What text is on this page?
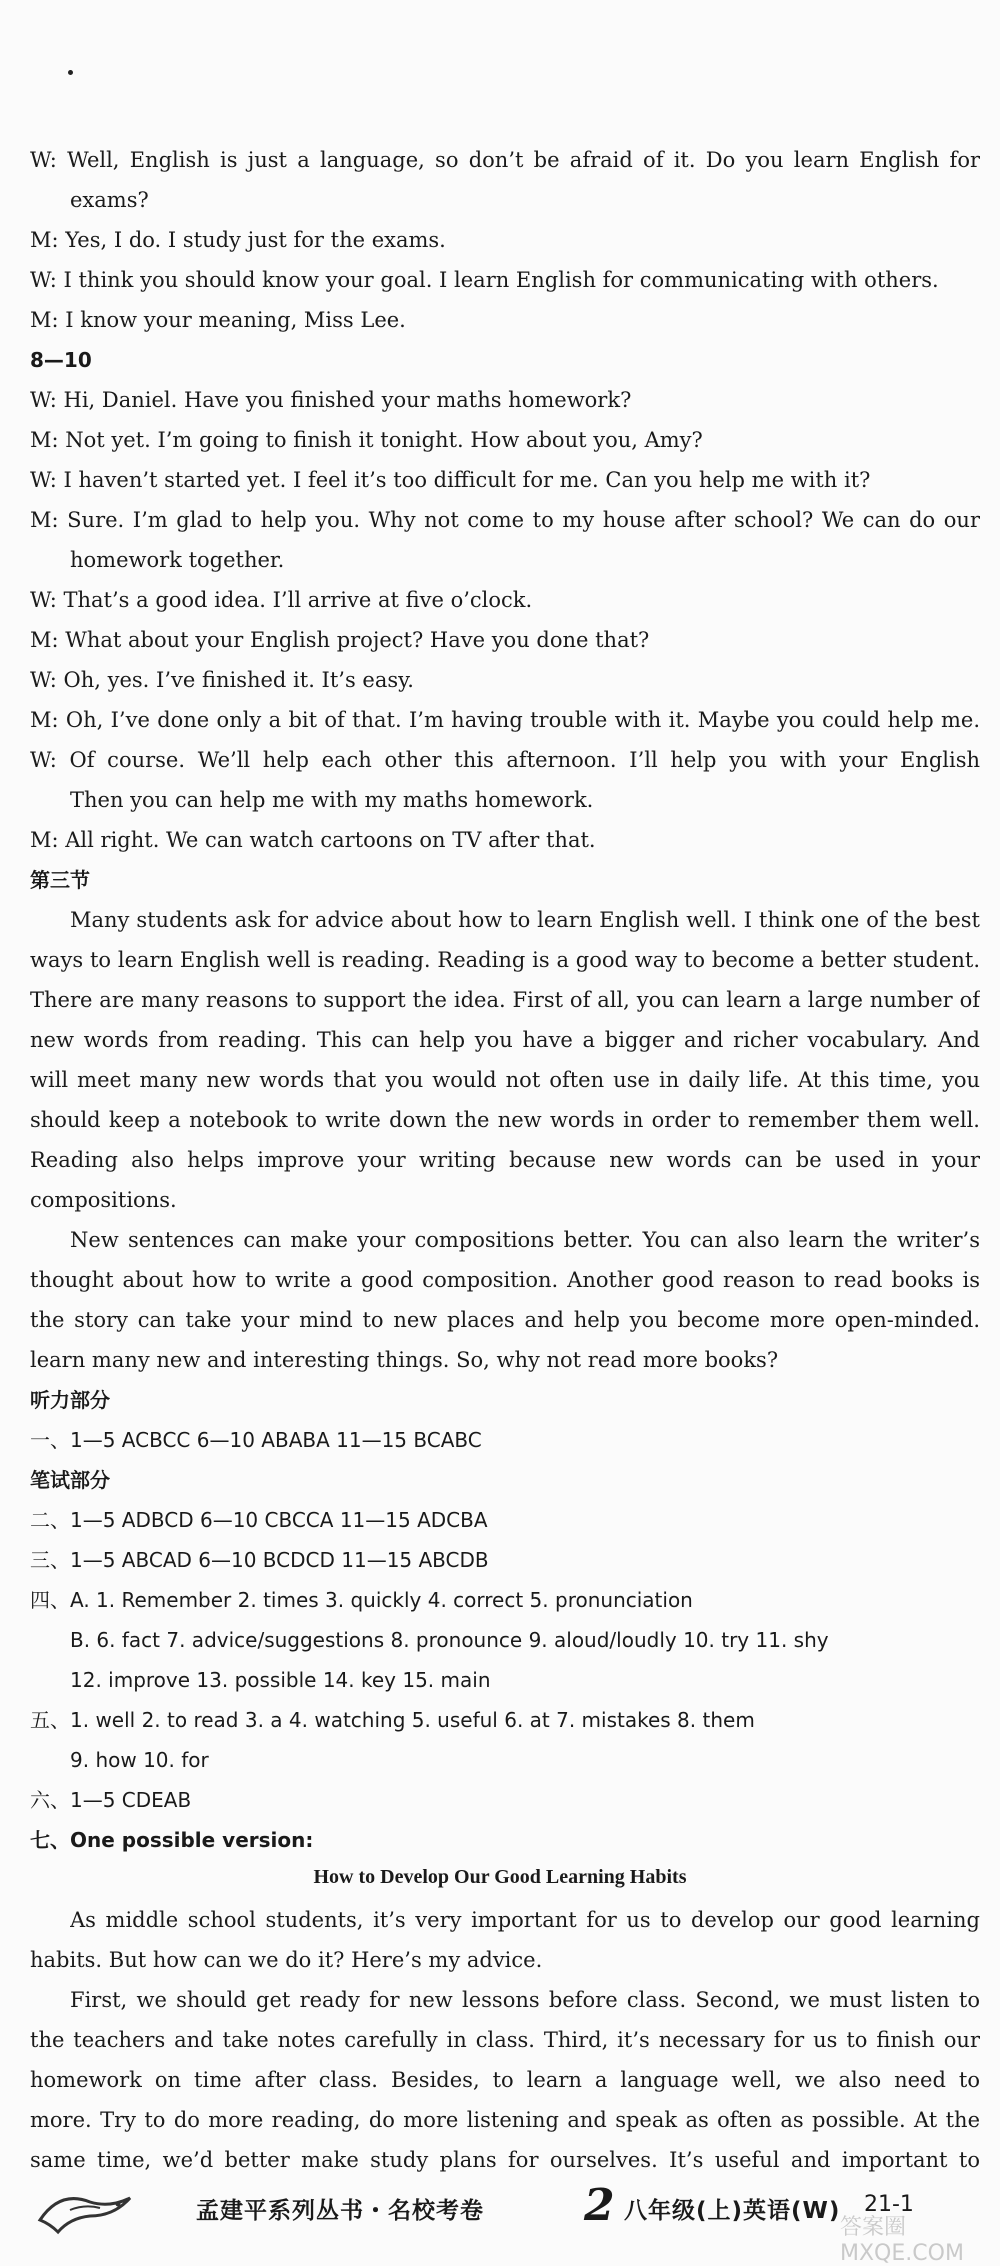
W: Well, English is just a language, so don’t be afraid of it. Do you learn English for
exams?
M: Yes, I do. I study just for the exams.
W: I think you should know your goal. I learn English for communicating with others.
M: I know your meaning, Miss Lee.
8—10
W: Hi, Daniel. Have you finished your maths homework?
M: Not yet. I’m going to finish it tonight. How about you, Amy?
W: I haven’t started yet. I feel it’s too difficult for me. Can you help me with it?
M: Sure. I’m glad to help you. Why not come to my house after school? We can do our
homework together.
W: That’s a good idea. I’ll arrive at five o’clock.
M: What about your English project? Have you done that?
W: Oh, yes. I’ve finished it. It’s easy.
M: Oh, I’ve done only a bit of that. I’m having trouble with it. Maybe you could help me.
W: Of course. We’ll help each other this afternoon. I’ll help you with your English
Then you can help me with my maths homework.
M: All right. We can watch cartoons on TV after that.
第三节
Many students ask for advice about how to learn English well. I think one of the best
ways to learn English well is reading. Reading is a good way to become a better student.
There are many reasons to support the idea. First of all, you can learn a large number of
new words from reading. This can help you have a bigger and richer vocabulary. And
will meet many new words that you would not often use in daily life. At this time, you
should keep a notebook to write down the new words in order to remember them well.
Reading also helps improve your writing because new words can be used in your
compositions.
New sentences can make your compositions better. You can also learn the writer’s
thought about how to write a good composition. Another good reason to read books is
the story can take your mind to new places and help you become more open-minded.
learn many new and interesting things. So, why not read more books?
听力部分
一、1—5 ACBCC 6—10 ABABA 11—15 BCABC
笔试部分
二、1—5 ADBCD 6—10 CBCCA 11—15 ADCBA
三、1—5 ABCAD 6—10 BCDCD 11—15 ABCDB
四、A. 1. Remember 2. times 3. quickly 4. correct 5. pronunciation
B. 6. fact 7. advice/suggestions 8. pronounce 9. aloud/loudly 10. try 11. shy
12. improve 13. possible 14. key 15. main
五、1. well 2. to read 3. a 4. watching 5. useful 6. at 7. mistakes 8. them
9. how 10. for
六、1—5 CDEAB
七、One possible version:
How to Develop Our Good Learning Habits
As middle school students, it’s very important for us to develop our good learning
habits. But how can we do it? Here’s my advice.
First, we should get ready for new lessons before class. Second, we must listen to
the teachers and take notes carefully in class. Third, it’s necessary for us to finish our
homework on time after class. Besides, to learn a language well, we also need to
more. Try to do more reading, do more listening and speak as often as possible. At the
same time, we’d better make study plans for ourselves. It’s useful and important to
孟建平系列丛书・名校考卷 2 八年级(上)英语(W) 21-1
答案圈 MXQE.COM
